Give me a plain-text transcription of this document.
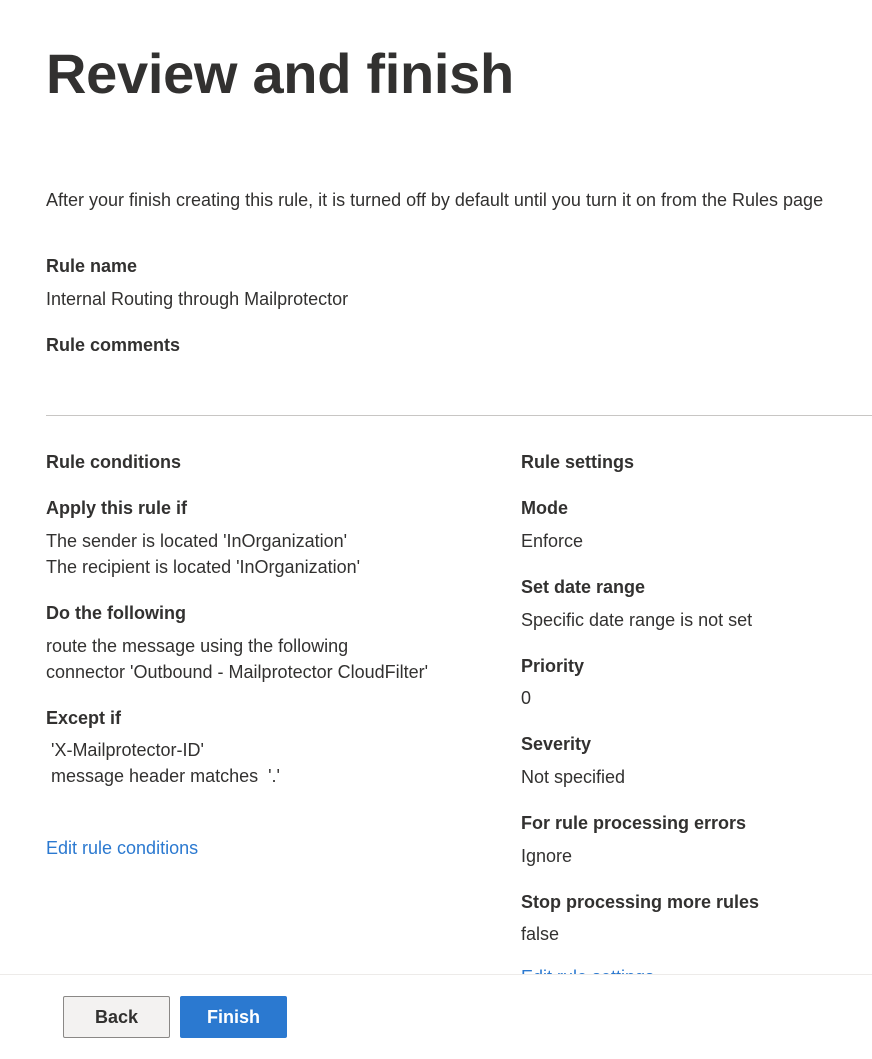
Review and finish
After your finish creating this rule, it is turned off by default until you turn it on from the Rules page
Rule name
Internal Routing through Mailprotector
Rule comments
Rule conditions
Apply this rule if
The sender is located 'InOrganization'
The recipient is located 'InOrganization'
Do the following
route the message using the following
connector 'Outbound - Mailprotector CloudFilter'
Except if
'X-Mailprotector-ID'
message header matches  '.'
Edit rule conditions
Rule settings
Mode
Enforce
Set date range
Specific date range is not set
Priority
0
Severity
Not specified
For rule processing errors
Ignore
Stop processing more rules
false
Back	Finish
